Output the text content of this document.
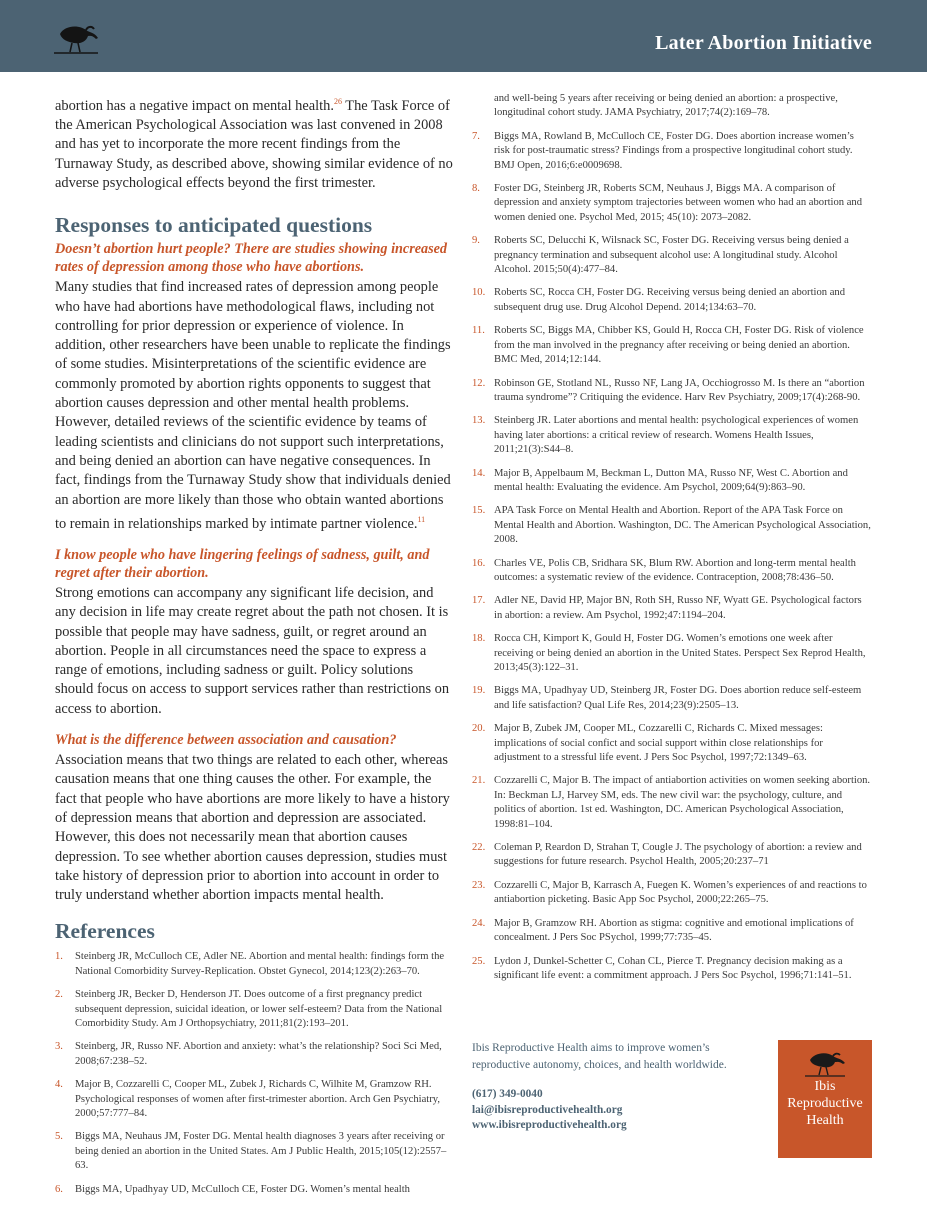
Later Abortion Initiative

abortion has a negative impact on mental health.$^{26}$ The Task Force of the American Psychological Association was last convened in 2008 and has yet to incorporate the more recent findings from the Turnaway Study, as described above, showing similar evidence of no adverse psychological effects beyond the first trimester.

Responses to anticipated questions
Doesn’t abortion hurt people? There are studies showing increased rates of depression among those who have abortions.

Many studies that find increased rates of depression among people who have had abortions have methodological flaws, including not controlling for prior depression or experience of violence. In addition, other researchers have been unable to replicate the findings of some studies. Misinterpretations of the scientific evidence are commonly promoted by abortion rights opponents to suggest that abortion causes depression and other mental health problems. However, detailed reviews of the scientific evidence by teams of leading scientists and clinicians do not support such interpretations, and being denied an abortion can have negative consequences. In fact, findings from the Turnaway Study show that individuals denied an abortion are more likely than those who obtain wanted abortions to remain in relationships marked by intimate partner violence.$^{11}$

I know people who have lingering feelings of sadness, guilt, and regret after their abortion.

Strong emotions can accompany any significant life decision, and any decision in life may create regret about the path not chosen. It is possible that people may have sadness, guilt, or regret around an abortion. People in all circumstances need the space to express a range of emotions, including sadness or guilt. Policy solutions should focus on access to support services rather than restrictions on access to abortion.

What is the difference between association and causation?

Association means that two things are related to each other, whereas causation means that one thing causes the other. For example, the fact that people who have abortions are more likely to have a history of depression means that abortion and depression are associated. However, this does not necessarily mean that abortion causes depression. To see whether abortion causes depression, studies must take history of depression prior to abortion into account in order to truly understand whether abortion impacts mental health.

References
1.	Steinberg JR, McCulloch CE, Adler NE. Abortion and mental health: findings form the National Comorbidity Survey-Replication. Obstet Gynecol, 2014;123(2):263–70.
2.	Steinberg JR, Becker D, Henderson JT. Does outcome of a first pregnancy predict subsequent depression, suicidal ideation, or lower self-esteem? Data from the National Comorbidity Study. Am J Orthopsychiatry, 2011;81(2):193–201.
3.	Steinberg, JR, Russo NF. Abortion and anxiety: what’s the relationship? Soci Sci Med, 2008;67:238–52.
4.	Major B, Cozzarelli C, Cooper ML, Zubek J, Richards C, Wilhite M, Gramzow RH. Psychological responses of women after first-trimester abortion. Arch Gen Psychiatry, 2000;57:777–84.
5.	Biggs MA, Neuhaus JM, Foster DG. Mental health diagnoses 3 years after receiving or being denied an abortion in the United States. Am J Public Health, 2015;105(12):2557–63.
6.	Biggs MA, Upadhyay UD, McCulloch CE, Foster DG. Women’s mental health
and well-being 5 years after receiving or being denied an abortion: a prospective, longitudinal cohort study. JAMA Psychiatry, 2017;74(2):169–78.
7.	Biggs MA, Rowland B, McCulloch CE, Foster DG. Does abortion increase women’s risk for post-traumatic stress? Findings from a prospective longitudinal cohort study. BMJ Open, 2016;6:e0009698.
8.	Foster DG, Steinberg JR, Roberts SCM, Neuhaus J, Biggs MA. A comparison of depression and anxiety symptom trajectories between women who had an abortion and women denied one. Psychol Med, 2015; 45(10): 2073–2082.
9.	Roberts SC, Delucchi K, Wilsnack SC, Foster DG. Receiving versus being denied a pregnancy termination and subsequent alcohol use: A longitudinal study. Alcohol Alcohol. 2015;50(4):477–84.
10. Roberts SC, Rocca CH, Foster DG. Receiving versus being denied an abortion and subsequent drug use. Drug Alcohol Depend. 2014;134:63–70.
11. Roberts SC, Biggs MA, Chibber KS, Gould H, Rocca CH, Foster DG. Risk of violence from the man involved in the pregnancy after receiving or being denied an abortion. BMC Med, 2014;12:144.
12. Robinson GE, Stotland NL, Russo NF, Lang JA, Occhiogrosso M. Is there an “abortion trauma syndrome”? Critiquing the evidence. Harv Rev Psychiatry, 2009;17(4):268-90.
13. Steinberg JR. Later abortions and mental health: psychological experiences of women having later abortions: a critical review of research. Womens Health Issues, 2011;21(3):S44–8.
14. Major B, Appelbaum M, Beckman L, Dutton MA, Russo NF, West C. Abortion and mental health: Evaluating the evidence. Am Psychol, 2009;64(9):863–90.
15. APA Task Force on Mental Health and Abortion. Report of the APA Task Force on Mental Health and Abortion. Washington, DC. The American Psychological Association, 2008.
16. Charles VE, Polis CB, Sridhara SK, Blum RW. Abortion and long-term mental health outcomes: a systematic review of the evidence. Contraception, 2008;78:436–50.
17. Adler NE, David HP, Major BN, Roth SH, Russo NF, Wyatt GE. Psychological factors in abortion: a review. Am Psychol, 1992;47:1194–204.
18. Rocca CH, Kimport K, Gould H, Foster DG. Women’s emotions one week after receiving or being denied an abortion in the United States. Perspect Sex Reprod Health, 2013;45(3):122–31.
19. Biggs MA, Upadhyay UD, Steinberg JR, Foster DG. Does abortion reduce self-esteem and life satisfaction? Qual Life Res, 2014;23(9):2505–13.
20. Major B, Zubek JM, Cooper ML, Cozzarelli C, Richards C. Mixed messages: implications of social confict and social support within close relationships for adjustment to a stressful life event. J Pers Soc Psychol, 1997;72:1349–63.
21. Cozzarelli C, Major B. The impact of antiabortion activities on women seeking abortion. In: Beckman LJ, Harvey SM, eds. The new civil war: the psychology, culture, and politics of abortion. 1st ed. Washington, DC. American Psychological Association, 1998:81–104.
22. Coleman P, Reardon D, Strahan T, Cougle J. The psychology of abortion: a review and suggestions for future research. Psychol Health, 2005;20:237–71
23. Cozzarelli C, Major B, Karrasch A, Fuegen K. Women’s experiences of and reactions to antiabortion picketing. Basic App Soc Psychol, 2000;22:265–75.
24. Major B, Gramzow RH. Abortion as stigma: cognitive and emotional implications of concealment. J Pers Soc PSychol, 1999;77:735–45.
25. Lydon J, Dunkel-Schetter C, Cohan CL, Pierce T. Pregnancy decision making as a significant life event: a commitment approach. J Pers Soc Psychol, 1996;71:141–51.

Ibis Reproductive Health aims to improve women’s reproductive autonomy, choices, and health worldwide.

(617) 349-0040

lai@ibisreproductivehealth.org

www.ibisreproductivehealth.org

Ibis
Reproductive
Health
